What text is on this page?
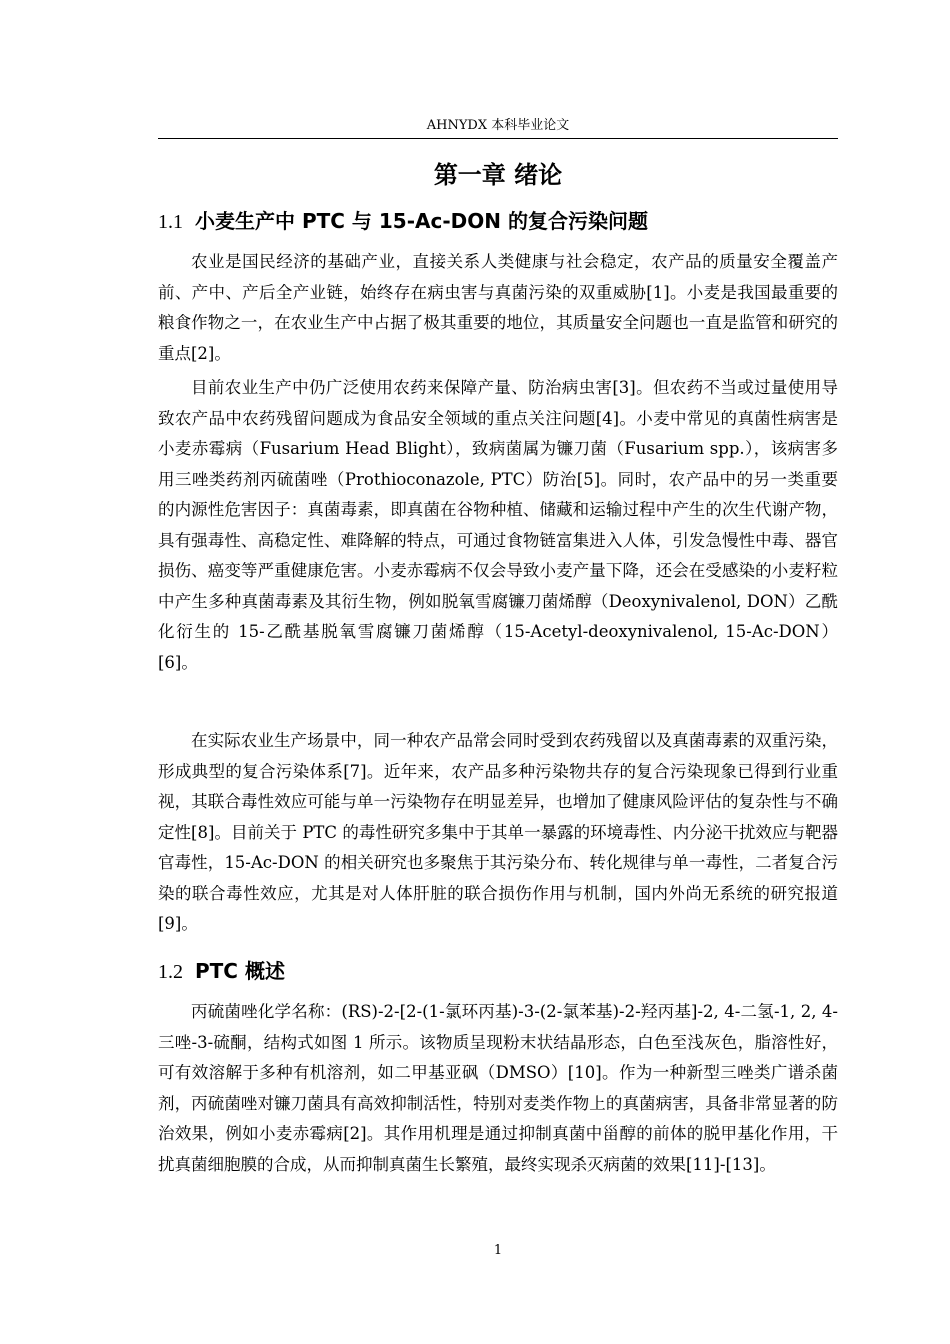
AHNYDX 本科毕业论文
第一章 绪论
1.1 小麦生产中 PTC 与 15-Ac-DON 的复合污染问题

农业是国民经济的基础产业，直接关系人类健康与社会稳定，农产品的质量安全覆盖产前、产中、产后全产业链，始终存在病虫害与真菌污染的双重威胁[1]。小麦是我国最重要的粮食作物之一，在农业生产中占据了极其重要的地位，其质量安全问题也一直是监管和研究的重点[2]。

目前农业生产中仍广泛使用农药来保障产量、防治病虫害[3]。但农药不当或过量使用导致农产品中农药残留问题成为食品安全领域的重点关注问题[4]。小麦中常见的真菌性病害是小麦赤霉病（Fusarium Head Blight），致病菌属为镰刀菌（Fusarium spp.），该病害多用三唑类药剂丙硫菌唑（Prothioconazole, PTC）防治[5]。同时，农产品中的另一类重要的内源性危害因子：真菌毒素，即真菌在谷物种植、储藏和运输过程中产生的次生代谢产物，具有强毒性、高稳定性、难降解的特点，可通过食物链富集进入人体，引发急慢性中毒、器官损伤、癌变等严重健康危害。小麦赤霉病不仅会导致小麦产量下降，还会在受感染的小麦籽粒中产生多种真菌毒素及其衍生物，例如脱氧雪腐镰刀菌烯醇（Deoxynivalenol, DON）乙酰化衍生的 15-乙酰基脱氧雪腐镰刀菌烯醇（15-Acetyl-deoxynivalenol, 15-Ac-DON）[6]。

在实际农业生产场景中，同一种农产品常会同时受到农药残留以及真菌毒素的双重污染，形成典型的复合污染体系[7]。近年来，农产品多种污染物共存的复合污染现象已得到行业重视，其联合毒性效应可能与单一污染物存在明显差异，也增加了健康风险评估的复杂性与不确定性[8]。目前关于 PTC 的毒性研究多集中于其单一暴露的环境毒性、内分泌干扰效应与靶器官毒性，15-Ac-DON 的相关研究也多聚焦于其污染分布、转化规律与单一毒性，二者复合污染的联合毒性效应，尤其是对人体肝脏的联合损伤作用与机制，国内外尚无系统的研究报道[9]。

1.2 PTC 概述

丙硫菌唑化学名称：(RS)-2-[2-(1-氯环丙基)-3-(2-氯苯基)-2-羟丙基]-2, 4-二氢-1, 2, 4-三唑-3-硫酮，结构式如图 1 所示。该物质呈现粉末状结晶形态，白色至浅灰色，脂溶性好，可有效溶解于多种有机溶剂，如二甲基亚砜（DMSO）[10]。作为一种新型三唑类广谱杀菌剂，丙硫菌唑对镰刀菌具有高效抑制活性，特别对麦类作物上的真菌病害，具备非常显著的防治效果，例如小麦赤霉病[2]。其作用机理是通过抑制真菌中甾醇的前体的脱甲基化作用，干扰真菌细胞膜的合成，从而抑制真菌生长繁殖，最终实现杀灭病菌的效果[11]-[13]。

1
